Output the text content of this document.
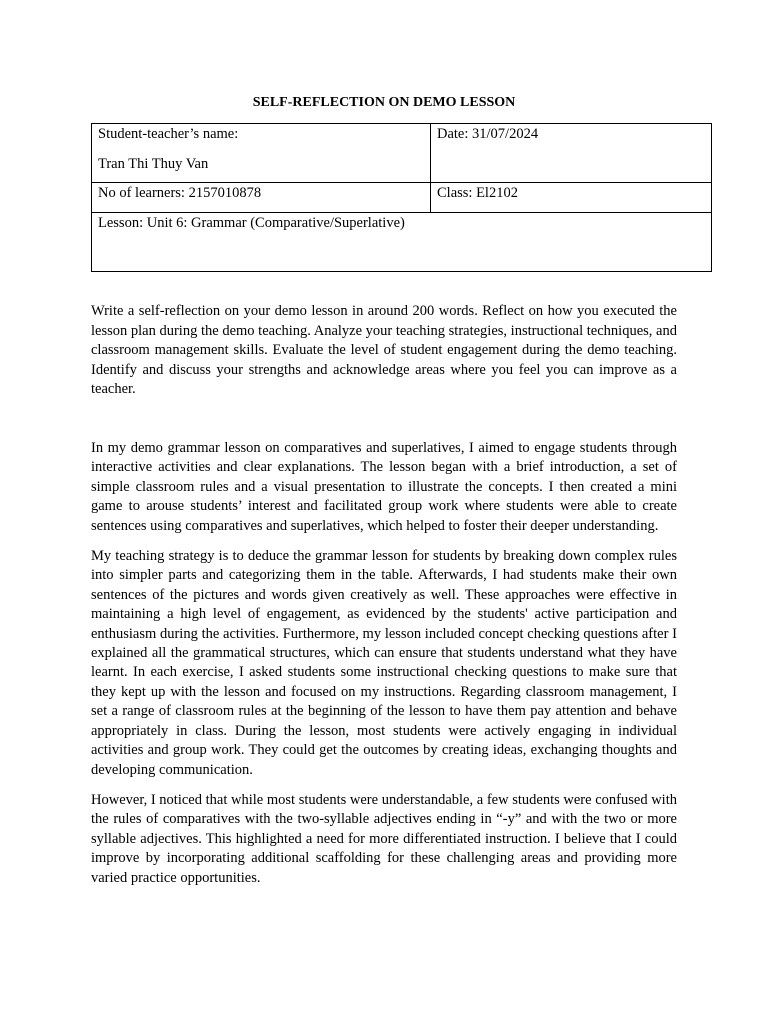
SELF-REFLECTION ON DEMO LESSON
Student-teacher’s name:
Tran Thi Thuy Van	Date: 31/07/2024
No of learners: 2157010878	Class: El2102
Lesson: Unit 6: Grammar (Comparative/Superlative)	

Write a self-reflection on your demo lesson in around 200 words. Reflect on how you executed the lesson plan during the demo teaching. Analyze your teaching strategies, instructional techniques, and classroom management skills. Evaluate the level of student engagement during the demo teaching. Identify and discuss your strengths and acknowledge areas where you feel you can improve as a teacher.

In my demo grammar lesson on comparatives and superlatives, I aimed to engage students through interactive activities and clear explanations. The lesson began with a brief introduction, a set of simple classroom rules and a visual presentation to illustrate the concepts. I then created a mini game to arouse students’ interest and facilitated group work where students were able to create sentences using comparatives and superlatives, which helped to foster their deeper understanding.

My teaching strategy is to deduce the grammar lesson for students by breaking down complex rules into simpler parts and categorizing them in the table. Afterwards, I had students make their own sentences of the pictures and words given creatively as well. These approaches were effective in maintaining a high level of engagement, as evidenced by the students' active participation and enthusiasm during the activities. Furthermore, my lesson included concept checking questions after I explained all the grammatical structures, which can ensure that students understand what they have learnt. In each exercise, I asked students some instructional checking questions to make sure that they kept up with the lesson and focused on my instructions. Regarding classroom management, I set a range of classroom rules at the beginning of the lesson to have them pay attention and behave appropriately in class. During the lesson, most students were actively engaging in individual activities and group work. They could get the outcomes by creating ideas, exchanging thoughts and developing communication.

However, I noticed that while most students were understandable, a few students were confused with the rules of comparatives with the two-syllable adjectives ending in “-y” and with the two or more syllable adjectives. This highlighted a need for more differentiated instruction. I believe that I could improve by incorporating additional scaffolding for these challenging areas and providing more varied practice opportunities.
